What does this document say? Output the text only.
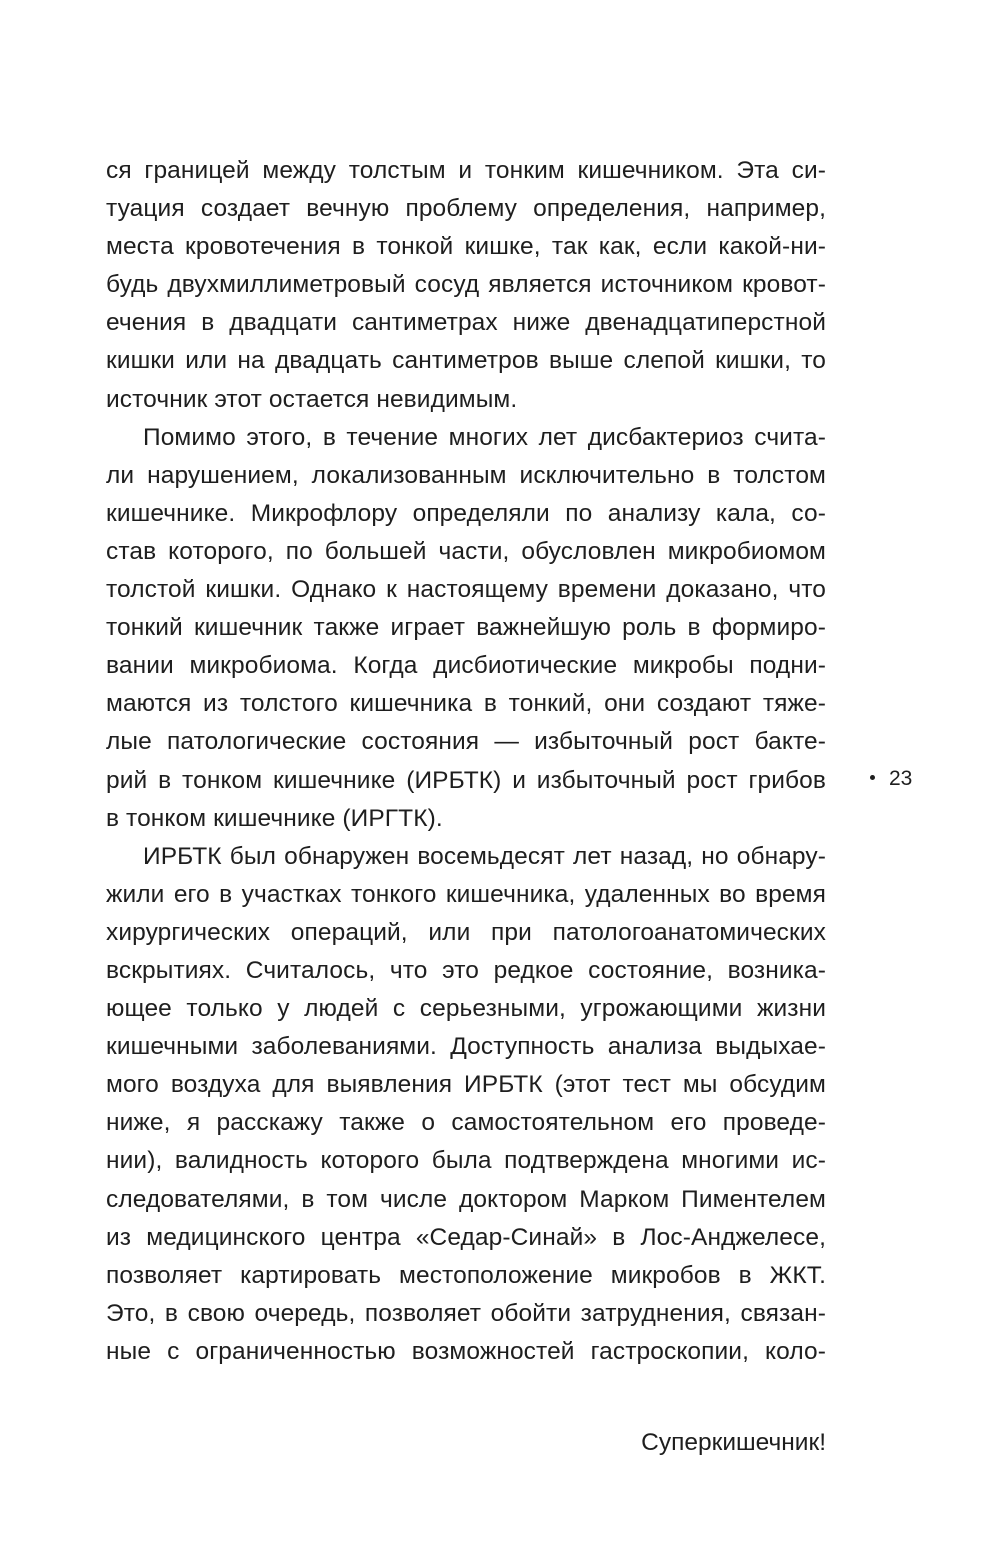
ся границей между толстым и тонким кишечником. Эта си-
туация создает вечную проблему определения, например,
места кровотечения в тонкой кишке, так как, если какой-ни-
будь двухмиллиметровый сосуд является источником кровот-
ечения в двадцати сантиметрах ниже двенадцатиперстной
кишки или на двадцать сантиметров выше слепой кишки, то
источник этот остается невидимым.
Помимо этого, в течение многих лет дисбактериоз счита-
ли нарушением, локализованным исключительно в толстом
кишечнике. Микрофлору определяли по анализу кала, со-
став которого, по большей части, обусловлен микробиомом
толстой кишки. Однако к настоящему времени доказано, что
тонкий кишечник также играет важнейшую роль в формиро-
вании микробиома. Когда дисбиотические микробы подни-
маются из толстого кишечника в тонкий, они создают тяже-
лые патологические состояния — избыточный рост бакте-
рий в тонком кишечнике (ИРБТК) и избыточный рост грибов
в тонком кишечнике (ИРГТК).
ИРБТК был обнаружен восемьдесят лет назад, но обнару-
жили его в участках тонкого кишечника, удаленных во время
хирургических операций, или при патологоанатомических
вскрытиях. Считалось, что это редкое состояние, возника-
ющее только у людей с серьезными, угрожающими жизни
кишечными заболеваниями. Доступность анализа выдыхае-
мого воздуха для выявления ИРБТК (этот тест мы обсудим
ниже, я расскажу также о самостоятельном его проведе-
нии), валидность которого была подтверждена многими ис-
следователями, в том числе доктором Марком Пиментелем
из медицинского центра «Седар-Синай» в Лос-Анджелесе,
позволяет картировать местоположение микробов в ЖКТ.
Это, в свою очередь, позволяет обойти затруднения, связан-
ные с ограниченностью возможностей гастроскопии, коло-
23
Суперкишечник!
